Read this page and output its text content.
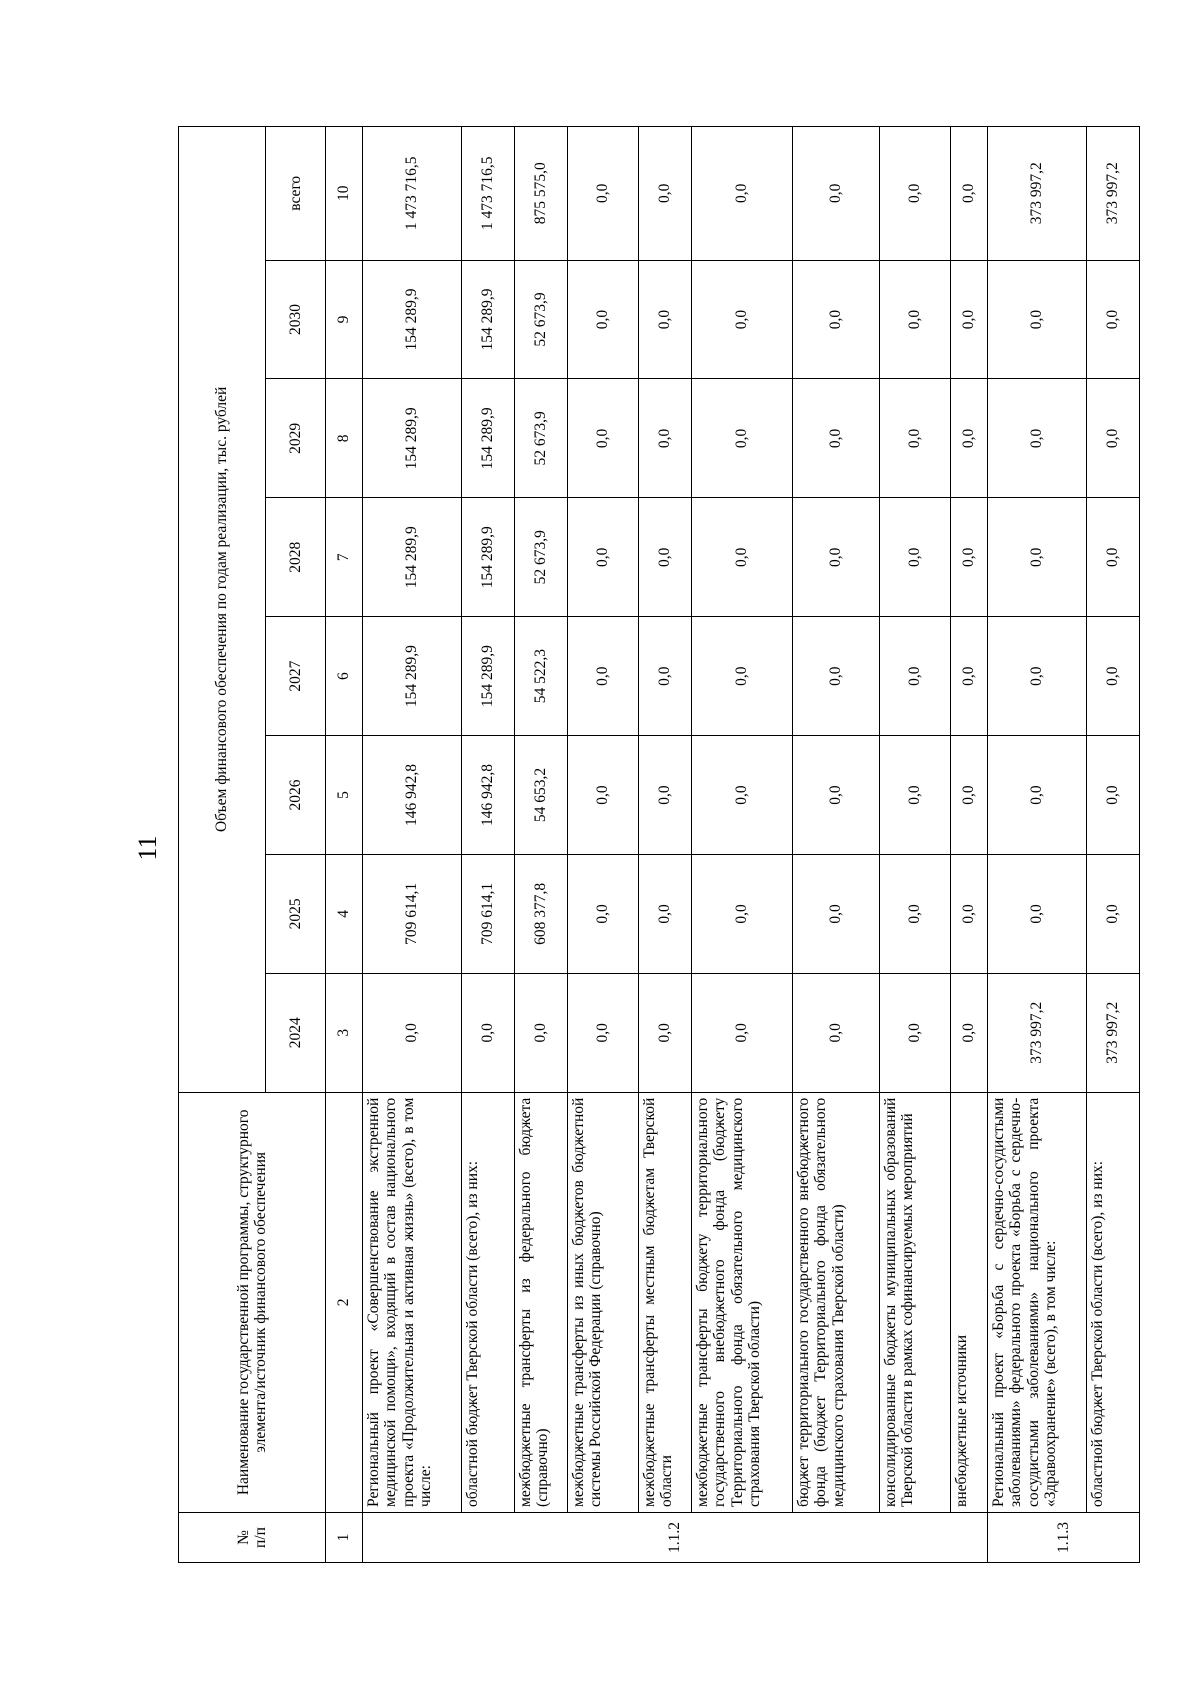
11
№
п/п	Наименование государственной программы, структурного элемента/источник финансового обеспечения	Объем финансового обеспечения по годам реализации, тыс. рублей							
		2024	2025	2026	2027	2028	2029	2030	всего
1	2	3	4	5	6	7	8	9	10
1.1.2	Региональный проект «Совершенствование экстренной медицинской помощи», входящий в состав национального проекта «Продолжительная и активная жизнь» (всего), в том числе:	0,0	709 614,1	146 942,8	154 289,9	154 289,9	154 289,9	154 289,9	1 473 716,5
	областной бюджет Тверской области (всего), из них:	0,0	709 614,1	146 942,8	154 289,9	154 289,9	154 289,9	154 289,9	1 473 716,5
	межбюджетные трансферты из федерального бюджета (справочно)	0,0	608 377,8	54 653,2	54 522,3	52 673,9	52 673,9	52 673,9	875 575,0
	межбюджетные трансферты из иных бюджетов бюджетной системы Российской Федерации (справочно)	0,0	0,0	0,0	0,0	0,0	0,0	0,0	0,0
	межбюджетные трансферты местным бюджетам Тверской области	0,0	0,0	0,0	0,0	0,0	0,0	0,0	0,0
	межбюджетные трансферты бюджету территориального государственного внебюджетного фонда (бюджету Территориального фонда обязательного медицинского страхования Тверской области)	0,0	0,0	0,0	0,0	0,0	0,0	0,0	0,0
	бюджет территориального государственного внебюджетного фонда (бюджет Территориального фонда обязательного медицинского страхования Тверской области)	0,0	0,0	0,0	0,0	0,0	0,0	0,0	0,0
	консолидированные бюджеты муниципальных образований Тверской области в рамках софинансируемых мероприятий	0,0	0,0	0,0	0,0	0,0	0,0	0,0	0,0
	внебюджетные источники	0,0	0,0	0,0	0,0	0,0	0,0	0,0	0,0
1.1.3	Региональный проект «Борьба с сердечно-сосудистыми заболеваниями» федерального проекта «Борьба с сердечно-сосудистыми заболеваниями» национального проекта «Здравоохранение» (всего), в том числе:	373 997,2	0,0	0,0	0,0	0,0	0,0	0,0	373 997,2
	областной бюджет Тверской области (всего), из них:	373 997,2	0,0	0,0	0,0	0,0	0,0	0,0	373 997,2
